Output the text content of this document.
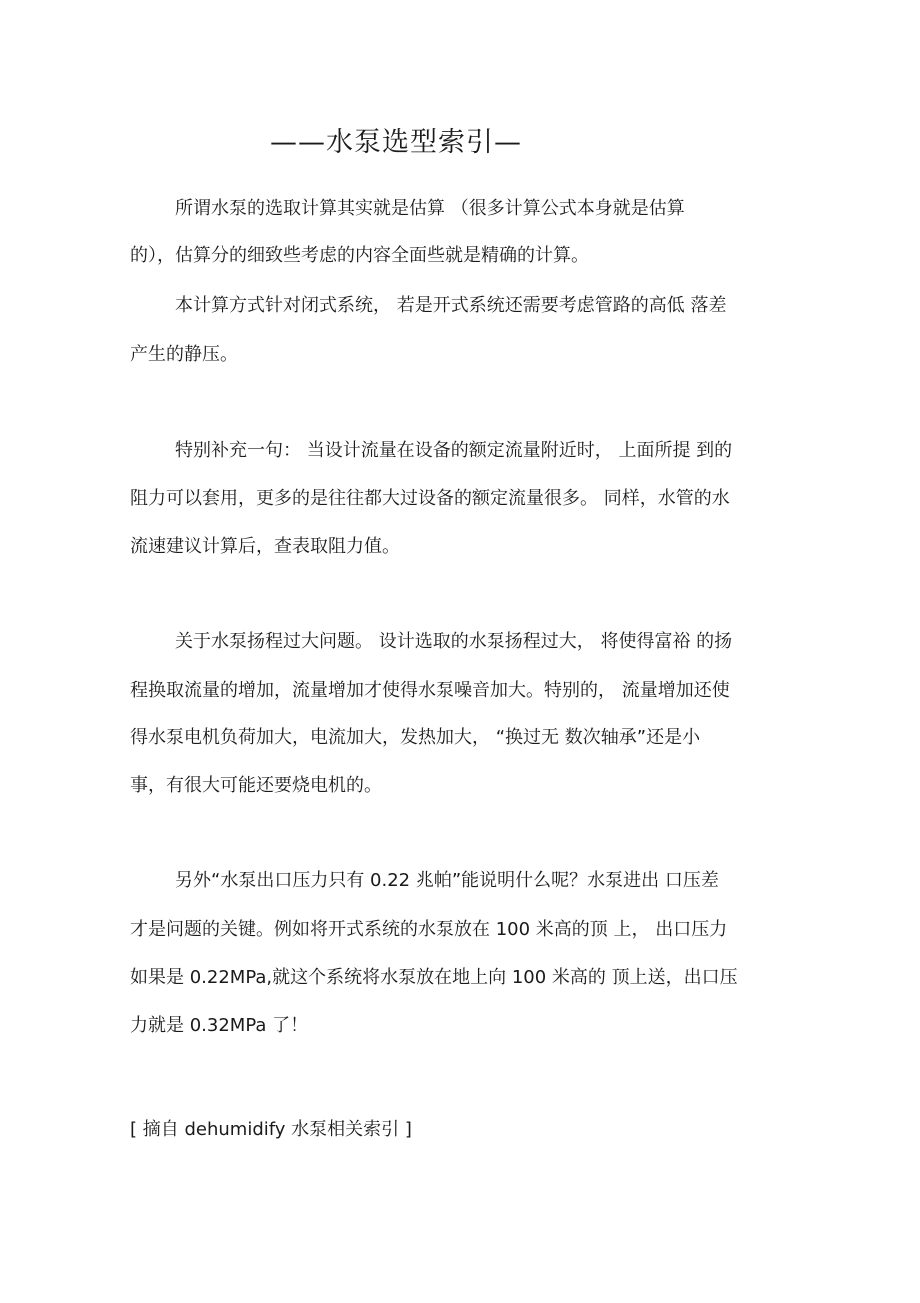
——水泵选型索引—
所谓水泵的选取计算其实就是估算 （很多计算公式本身就是估算
的），估算分的细致些考虑的内容全面些就是精确的计算。
本计算方式针对闭式系统， 若是开式系统还需要考虑管路的高低 落差
产生的静压。
特别补充一句： 当设计流量在设备的额定流量附近时， 上面所提 到的
阻力可以套用，更多的是往往都大过设备的额定流量很多。 同样，水管的水
流速建议计算后，查表取阻力值。
关于水泵扬程过大问题。 设计选取的水泵扬程过大， 将使得富裕 的扬
程换取流量的增加，流量增加才使得水泵噪音加大。特别的， 流量增加还使
得水泵电机负荷加大，电流加大，发热加大， “换过无 数次轴承”还是小
事，有很大可能还要烧电机的。
另外“水泵出口压力只有 0.22 兆帕”能说明什么呢？水泵进出 口压差
才是问题的关键。例如将开式系统的水泵放在 100 米高的顶 上， 出口压力
如果是 0.22MPa,就这个系统将水泵放在地上向 100 米高的 顶上送，出口压
力就是 0.32MPa 了！
[ 摘自 dehumidify 水泵相关索引 ]
